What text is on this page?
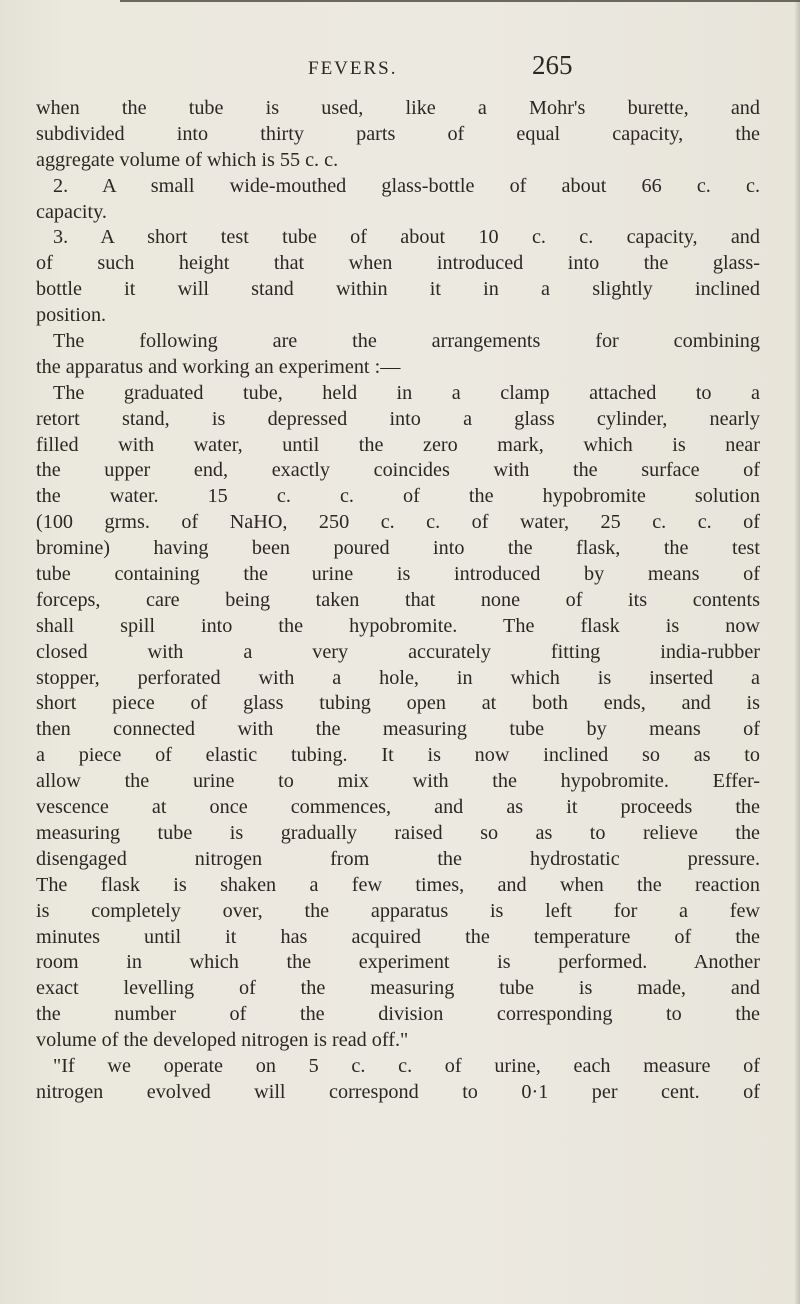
FEVERS.	265
when the tube is used, like a Mohr's burette, and
subdivided into thirty parts of equal capacity, the
aggregate volume of which is 55 c. c.
2. A small wide-mouthed glass-bottle of about 66 c. c.
capacity.
3. A short test tube of about 10 c. c. capacity, and
of such height that when introduced into the glass-
bottle it will stand within it in a slightly inclined
position.
The following are the arrangements for combining
the apparatus and working an experiment :—
The graduated tube, held in a clamp attached to a
retort stand, is depressed into a glass cylinder, nearly
filled with water, until the zero mark, which is near
the upper end, exactly coincides with the surface of
the water. 15 c. c. of the hypobromite solution
(100 grms. of NaHO, 250 c. c. of water, 25 c. c. of
bromine) having been poured into the flask, the test
tube containing the urine is introduced by means of
forceps, care being taken that none of its contents
shall spill into the hypobromite. The flask is now
closed with a very accurately fitting india-rubber
stopper, perforated with a hole, in which is inserted a
short piece of glass tubing open at both ends, and is
then connected with the measuring tube by means of
a piece of elastic tubing. It is now inclined so as to
allow the urine to mix with the hypobromite. Effer-
vescence at once commences, and as it proceeds the
measuring tube is gradually raised so as to relieve the
disengaged nitrogen from the hydrostatic pressure.
The flask is shaken a few times, and when the reaction
is completely over, the apparatus is left for a few
minutes until it has acquired the temperature of the
room in which the experiment is performed. Another
exact levelling of the measuring tube is made, and
the number of the division corresponding to the
volume of the developed nitrogen is read off."
"If we operate on 5 c. c. of urine, each measure of
nitrogen evolved will correspond to 0·1 per cent. of
